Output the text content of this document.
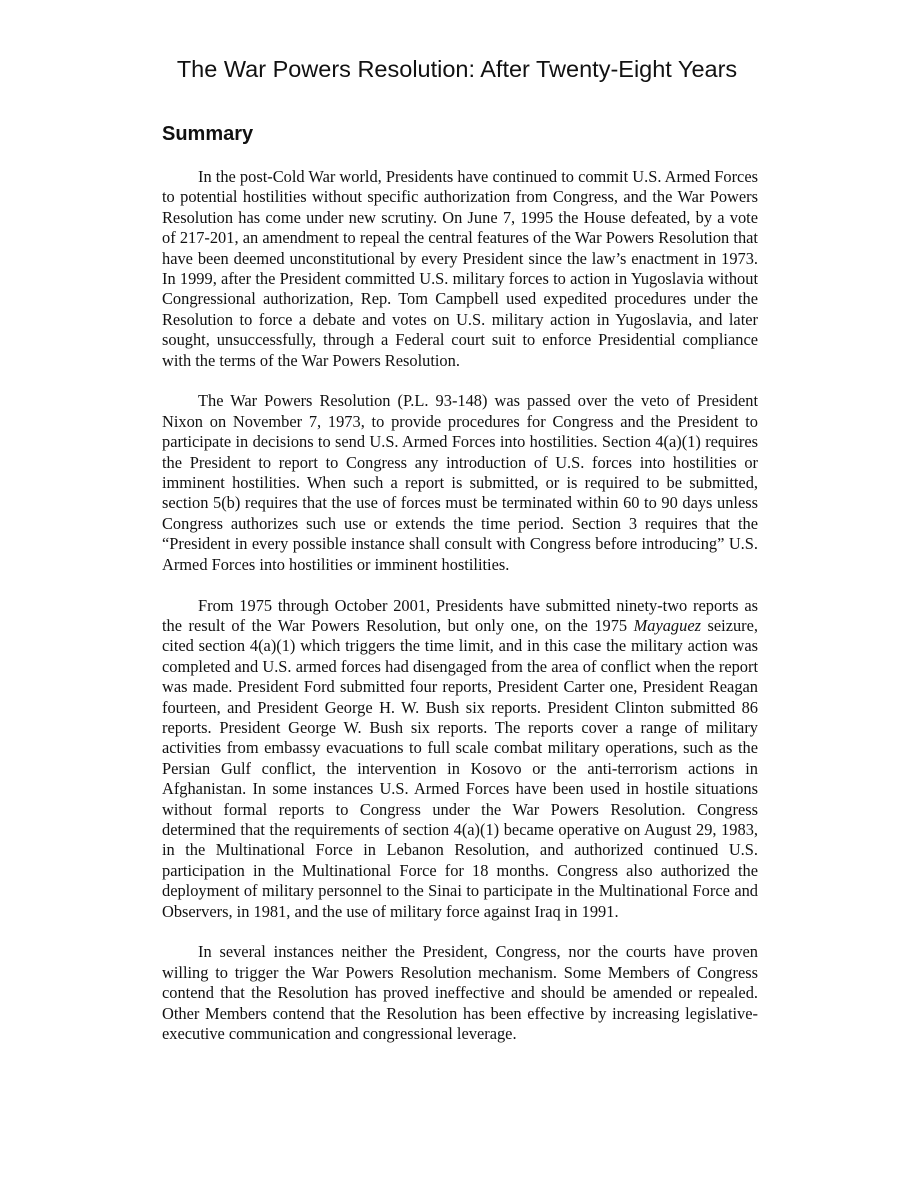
The War Powers Resolution: After Twenty-Eight Years
Summary

In the post-Cold War world, Presidents have continued to commit U.S. Armed Forces to potential hostilities without specific authorization from Congress, and the War Powers Resolution has come under new scrutiny. On June 7, 1995 the House defeated, by a vote of 217-201, an amendment to repeal the central features of the War Powers Resolution that have been deemed unconstitutional by every President since the law’s enactment in 1973. In 1999, after the President committed U.S. military forces to action in Yugoslavia without Congressional authorization, Rep. Tom Campbell used expedited procedures under the Resolution to force a debate and votes on U.S. military action in Yugoslavia, and later sought, unsuccessfully, through a Federal court suit to enforce Presidential compliance with the terms of the War Powers Resolution.

The War Powers Resolution (P.L. 93-148) was passed over the veto of President Nixon on November 7, 1973, to provide procedures for Congress and the President to participate in decisions to send U.S. Armed Forces into hostilities. Section 4(a)(1) requires the President to report to Congress any introduction of U.S. forces into hostilities or imminent hostilities. When such a report is submitted, or is required to be submitted, section 5(b) requires that the use of forces must be terminated within 60 to 90 days unless Congress authorizes such use or extends the time period. Section 3 requires that the “President in every possible instance shall consult with Congress before introducing” U.S. Armed Forces into hostilities or imminent hostilities.

From 1975 through October 2001, Presidents have submitted ninety-two reports as the result of the War Powers Resolution, but only one, on the 1975 Mayaguez seizure, cited section 4(a)(1) which triggers the time limit, and in this case the military action was completed and U.S. armed forces had disengaged from the area of conflict when the report was made. President Ford submitted four reports, President Carter one, President Reagan fourteen, and President George H. W. Bush six reports. President Clinton submitted 86 reports. President George W. Bush six reports. The reports cover a range of military activities from embassy evacuations to full scale combat military operations, such as the Persian Gulf conflict, the intervention in Kosovo or the anti-terrorism actions in Afghanistan. In some instances U.S. Armed Forces have been used in hostile situations without formal reports to Congress under the War Powers Resolution. Congress determined that the requirements of section 4(a)(1) became operative on August 29, 1983, in the Multinational Force in Lebanon Resolution, and authorized continued U.S. participation in the Multinational Force for 18 months. Congress also authorized the deployment of military personnel to the Sinai to participate in the Multinational Force and Observers, in 1981, and the use of military force against Iraq in 1991.

In several instances neither the President, Congress, nor the courts have proven willing to trigger the War Powers Resolution mechanism. Some Members of Congress contend that the Resolution has proved ineffective and should be amended or repealed. Other Members contend that the Resolution has been effective by increasing legislative-executive communication and congressional leverage.
